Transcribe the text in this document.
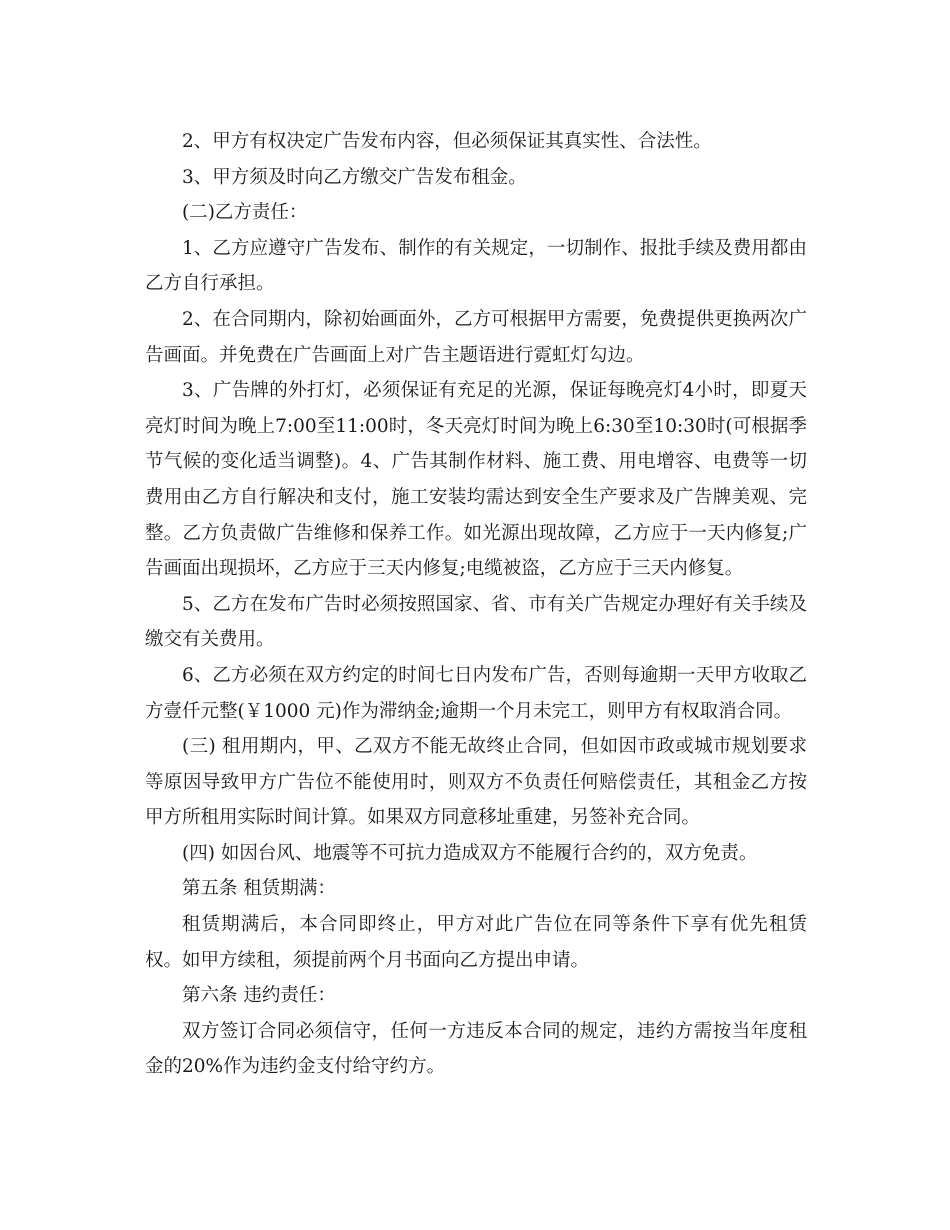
2、甲方有权决定广告发布内容，但必须保证其真实性、合法性。

3、甲方须及时向乙方缴交广告发布租金。

(二)乙方责任：

1、乙方应遵守广告发布、制作的有关规定，一切制作、报批手续及费用都由乙方自行承担。

2、在合同期内，除初始画面外，乙方可根据甲方需要，免费提供更换两次广告画面。并免费在广告画面上对广告主题语进行霓虹灯勾边。

3、广告牌的外打灯，必须保证有充足的光源，保证每晚亮灯4小时，即夏天亮灯时间为晚上7:00至11:00时，冬天亮灯时间为晚上6:30至10:30时(可根据季节气候的变化适当调整)。4、广告其制作材料、施工费、用电增容、电费等一切费用由乙方自行解决和支付，施工安装均需达到安全生产要求及广告牌美观、完整。乙方负责做广告维修和保养工作。如光源出现故障，乙方应于一天内修复;广告画面出现损坏，乙方应于三天内修复;电缆被盗，乙方应于三天内修复。

5、乙方在发布广告时必须按照国家、省、市有关广告规定办理好有关手续及缴交有关费用。

6、乙方必须在双方约定的时间七日内发布广告，否则每逾期一天甲方收取乙方壹仟元整(￥1000 元)作为滞纳金;逾期一个月未完工，则甲方有权取消合同。

(三) 租用期内，甲、乙双方不能无故终止合同，但如因市政或城市规划要求等原因导致甲方广告位不能使用时，则双方不负责任何赔偿责任，其租金乙方按甲方所租用实际时间计算。如果双方同意移址重建，另签补充合同。

(四) 如因台风、地震等不可抗力造成双方不能履行合约的，双方免责。

第五条 租赁期满：

租赁期满后，本合同即终止，甲方对此广告位在同等条件下享有优先租赁权。如甲方续租，须提前两个月书面向乙方提出申请。

第六条 违约责任：

双方签订合同必须信守，任何一方违反本合同的规定，违约方需按当年度租金的20%作为违约金支付给守约方。
